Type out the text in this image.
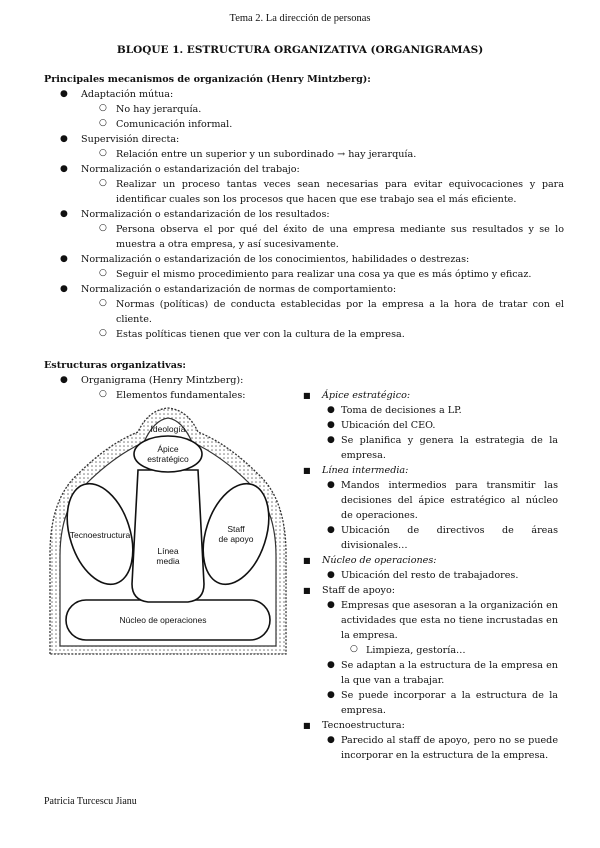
Tema 2. La dirección de personas
BLOQUE 1. ESTRUCTURA ORGANIZATIVA (ORGANIGRAMAS)

Principales mecanismos de organización (Henry Mintzberg):

● Adaptación mútua:
○ No hay jerarquía.
○ Comunicación informal.
● Supervisión directa:
○ Relación entre un superior y un subordinado → hay jerarquía.
● Normalización o estandarización del trabajo:
○ Realizar un proceso tantas veces sean necesarias para evitar equivocaciones y para identificar cuales son los procesos que hacen que ese trabajo sea el más eficiente.
● Normalización o estandarización de los resultados:
○ Persona observa el por qué del éxito de una empresa mediante sus resultados y se lo muestra a otra empresa, y así sucesivamente.
● Normalización o estandarización de los conocimientos, habilidades o destrezas:
○ Seguir el mismo procedimiento para realizar una cosa ya que es más óptimo y eficaz.
● Normalización o estandarización de normas de comportamiento:
○ Normas (políticas) de conducta establecidas por la empresa a la hora de tratar con el cliente.
○ Estas políticas tienen que ver con la cultura de la empresa.

Estructuras organizativas:

● Organigrama (Henry Mintzberg):
○ Elementos fundamentales:
Ideología
Ápice
estratégico
Tecnoestructura
Staff
de apoyo
Línea
media
Núcleo de operaciones
■ Ápice estratégico:
● Toma de decisiones a LP.
● Ubicación del CEO.
● Se planifica y genera la estrategia de la empresa.
■ Línea intermedia:
● Mandos intermedios para transmitir las decisiones del ápice estratégico al núcleo de operaciones.
● Ubicación de directivos de áreas divisionales…
■ Núcleo de operaciones:
● Ubicación del resto de trabajadores.
■ Staff de apoyo:
● Empresas que asesoran a la organización en actividades que esta no tiene incrustadas en la empresa.
○ Limpieza, gestoría…
● Se adaptan a la estructura de la empresa en la que van a trabajar.
● Se puede incorporar a la estructura de la empresa.
■ Tecnoestructura:
● Parecido al staff de apoyo, pero no se puede incorporar en la estructura de la empresa.
Patricia Turcescu Jianu
